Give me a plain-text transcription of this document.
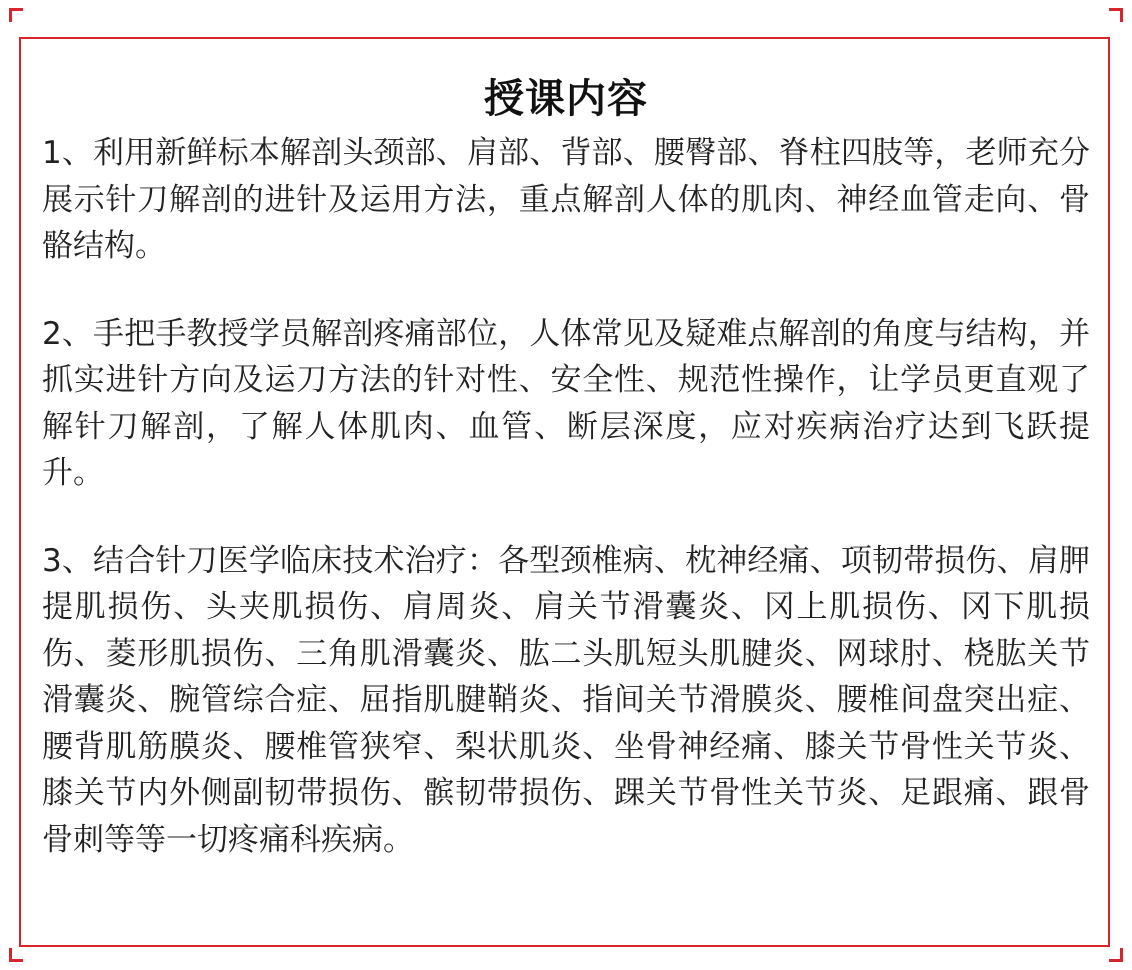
授课内容

1、利用新鲜标本解剖头颈部、肩部、背部、腰臀部、脊柱四肢等，老师充分展示针刀解剖的进针及运用方法，重点解剖人体的肌肉、神经血管走向、骨骼结构。

2、手把手教授学员解剖疼痛部位，人体常见及疑难点解剖的角度与结构，并抓实进针方向及运刀方法的针对性、安全性、规范性操作，让学员更直观了解针刀解剖，了解人体肌肉、血管、断层深度，应对疾病治疗达到飞跃提升。

3、结合针刀医学临床技术治疗：各型颈椎病、枕神经痛、项韧带损伤、肩胛提肌损伤、头夹肌损伤、肩周炎、肩关节滑囊炎、冈上肌损伤、冈下肌损伤、菱形肌损伤、三角肌滑囊炎、肱二头肌短头肌腱炎、网球肘、桡肱关节滑囊炎、腕管综合症、屈指肌腱鞘炎、指间关节滑膜炎、腰椎间盘突出症、腰背肌筋膜炎、腰椎管狭窄、梨状肌炎、坐骨神经痛、膝关节骨性关节炎、膝关节内外侧副韧带损伤、髌韧带损伤、踝关节骨性关节炎、足跟痛、跟骨骨刺等等一切疼痛科疾病。
